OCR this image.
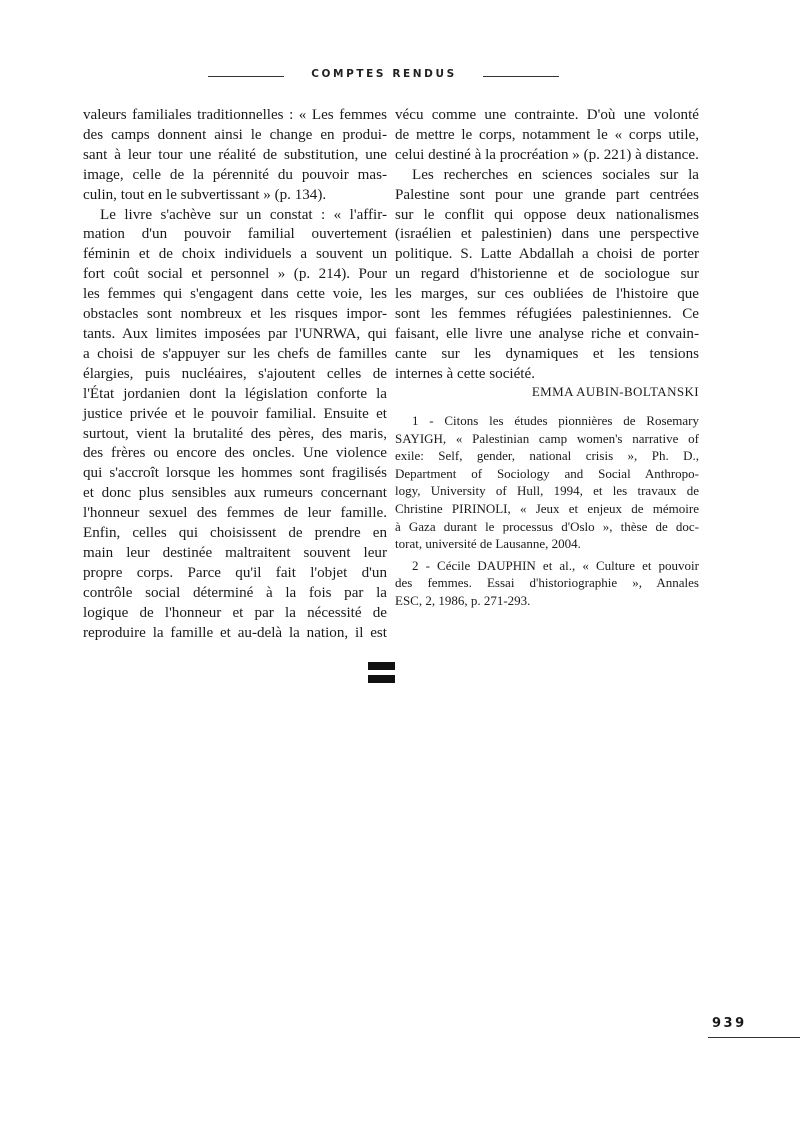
COMPTES RENDUS
valeurs familiales traditionnelles : « Les femmes
des camps donnent ainsi le change en produi-
sant à leur tour une réalité de substitution, une
image, celle de la pérennité du pouvoir mas-
culin, tout en le subvertissant » (p. 134).
Le livre s'achève sur un constat : « l'affir-
mation d'un pouvoir familial ouvertement
féminin et de choix individuels a souvent un
fort coût social et personnel » (p. 214). Pour
les femmes qui s'engagent dans cette voie, les
obstacles sont nombreux et les risques impor-
tants. Aux limites imposées par l'UNRWA, qui
a choisi de s'appuyer sur les chefs de familles
élargies, puis nucléaires, s'ajoutent celles de
l'État jordanien dont la législation conforte la
justice privée et le pouvoir familial. Ensuite et
surtout, vient la brutalité des pères, des maris,
des frères ou encore des oncles. Une violence
qui s'accroît lorsque les hommes sont fragilisés
et donc plus sensibles aux rumeurs concernant
l'honneur sexuel des femmes de leur famille.
Enfin, celles qui choisissent de prendre en
main leur destinée maltraitent souvent leur
propre corps. Parce qu'il fait l'objet d'un
contrôle social déterminé à la fois par la
logique de l'honneur et par la nécessité de
reproduire la famille et au-delà la nation, il est
vécu comme une contrainte. D'où une volonté
de mettre le corps, notamment le « corps utile,
celui destiné à la procréation » (p. 221) à distance.
Les recherches en sciences sociales sur la
Palestine sont pour une grande part centrées
sur le conflit qui oppose deux nationalismes
(israélien et palestinien) dans une perspective
politique. S. Latte Abdallah a choisi de porter
un regard d'historienne et de sociologue sur
les marges, sur ces oubliées de l'histoire que
sont les femmes réfugiées palestiniennes. Ce
faisant, elle livre une analyse riche et convain-
cante sur les dynamiques et les tensions
internes à cette société.
EMMA AUBIN-BOLTANSKI
1 - Citons les études pionnières de Rosemary
SAYIGH, « Palestinian camp women's narrative of
exile: Self, gender, national crisis », Ph. D.,
Department of Sociology and Social Anthropo-
logy, University of Hull, 1994, et les travaux de
Christine PIRINOLI, « Jeux et enjeux de mémoire
à Gaza durant le processus d'Oslo », thèse de doc-
torat, université de Lausanne, 2004.
2 - Cécile DAUPHIN et al., « Culture et pouvoir
des femmes. Essai d'historiographie », Annales
ESC, 2, 1986, p. 271-293.
939
